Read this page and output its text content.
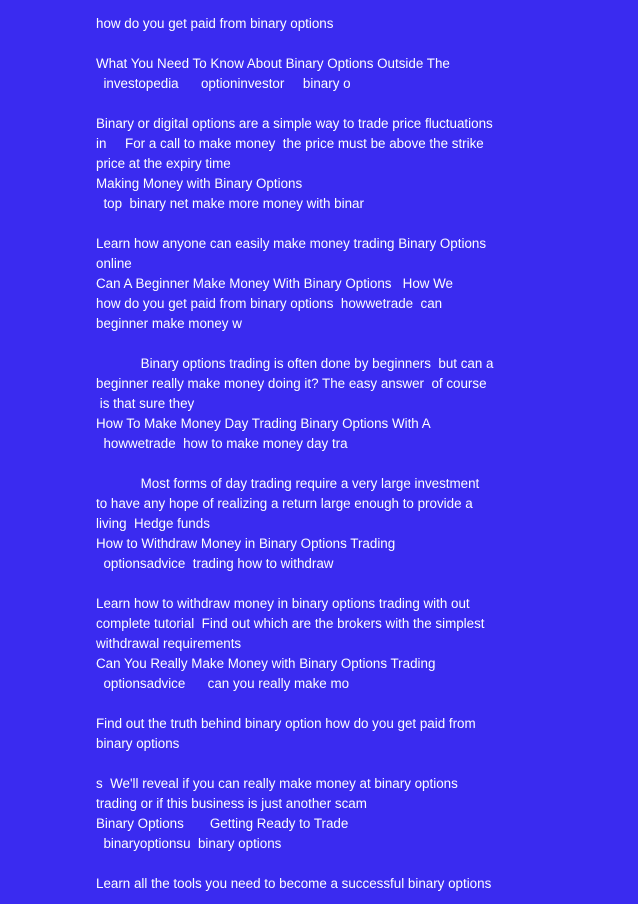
how do you get paid from binary options
What You Need To Know About Binary Options Outside The
investopedia      optioninvestor     binary o
Binary or digital options are a simple way to trade price fluctuations
in     For a call to make money  the price must be above the strike
price at the expiry time
Making Money with Binary Options
top  binary net make more money with binar
Learn how anyone can easily make money trading Binary Options
online
Can A Beginner Make Money With Binary Options   How We
how do you get paid from binary options  howwetrade  can
beginner make money w
Binary options trading is often done by beginners  but can a
beginner really make money doing it? The easy answer  of course
is that sure they
How To Make Money Day Trading Binary Options With A
howwetrade  how to make money day tra
Most forms of day trading require a very large investment
to have any hope of realizing a return large enough to provide a
living  Hedge funds
How to Withdraw Money in Binary Options Trading
optionsadvice  trading how to withdraw
Learn how to withdraw money in binary options trading with out
complete tutorial  Find out which are the brokers with the simplest
withdrawal requirements
Can You Really Make Money with Binary Options Trading
optionsadvice      can you really make mo
Find out the truth behind binary option how do you get paid from
binary options
s  We'll reveal if you can really make money at binary options
trading or if this business is just another scam
Binary Options       Getting Ready to Trade
binaryoptionsu  binary options
Learn all the tools you need to become a successful binary options
